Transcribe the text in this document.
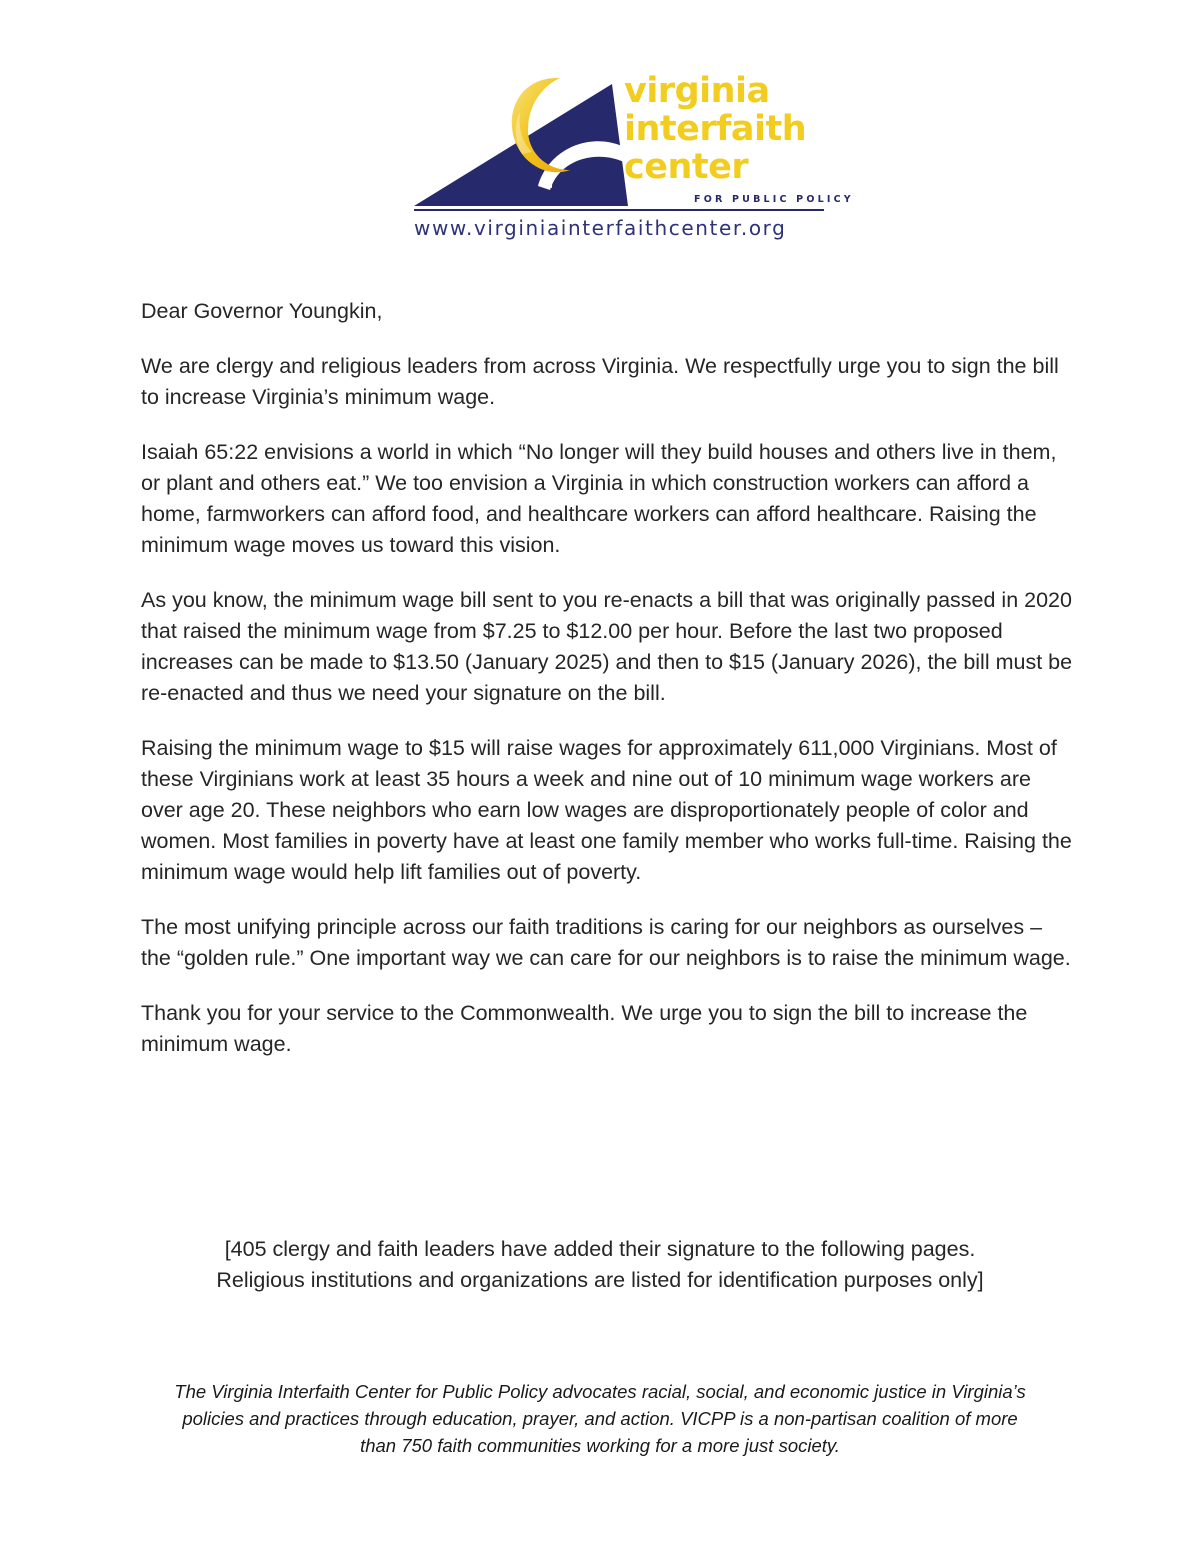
virginia
interfaith
center
FOR PUBLIC POLICY
www.virginiainterfaithcenter.org

Dear Governor Youngkin,

We are clergy and religious leaders from across Virginia. We respectfully urge you to sign the bill to increase Virginia’s minimum wage.

Isaiah 65:22 envisions a world in which “No longer will they build houses and others live in them, or plant and others eat.” We too envision a Virginia in which construction workers can afford a home, farmworkers can afford food, and healthcare workers can afford healthcare. Raising the minimum wage moves us toward this vision.

As you know, the minimum wage bill sent to you re-enacts a bill that was originally passed in 2020 that raised the minimum wage from $7.25 to $12.00 per hour. Before the last two proposed increases can be made to $13.50 (January 2025) and then to $15 (January 2026), the bill must be re-enacted and thus we need your signature on the bill.

Raising the minimum wage to $15 will raise wages for approximately 611,000 Virginians. Most of these Virginians work at least 35 hours a week and nine out of 10 minimum wage workers are over age 20. These neighbors who earn low wages are disproportionately people of color and women. Most families in poverty have at least one family member who works full-time. Raising the minimum wage would help lift families out of poverty.

The most unifying principle across our faith traditions is caring for our neighbors as ourselves – the “golden rule.” One important way we can care for our neighbors is to raise the minimum wage.

Thank you for your service to the Commonwealth. We urge you to sign the bill to increase the minimum wage.

[405 clergy and faith leaders have added their signature to the following pages.
Religious institutions and organizations are listed for identification purposes only]
The Virginia Interfaith Center for Public Policy advocates racial, social, and economic justice in Virginia’s
policies and practices through education, prayer, and action. VICPP is a non-partisan coalition of more
than 750 faith communities working for a more just society.
